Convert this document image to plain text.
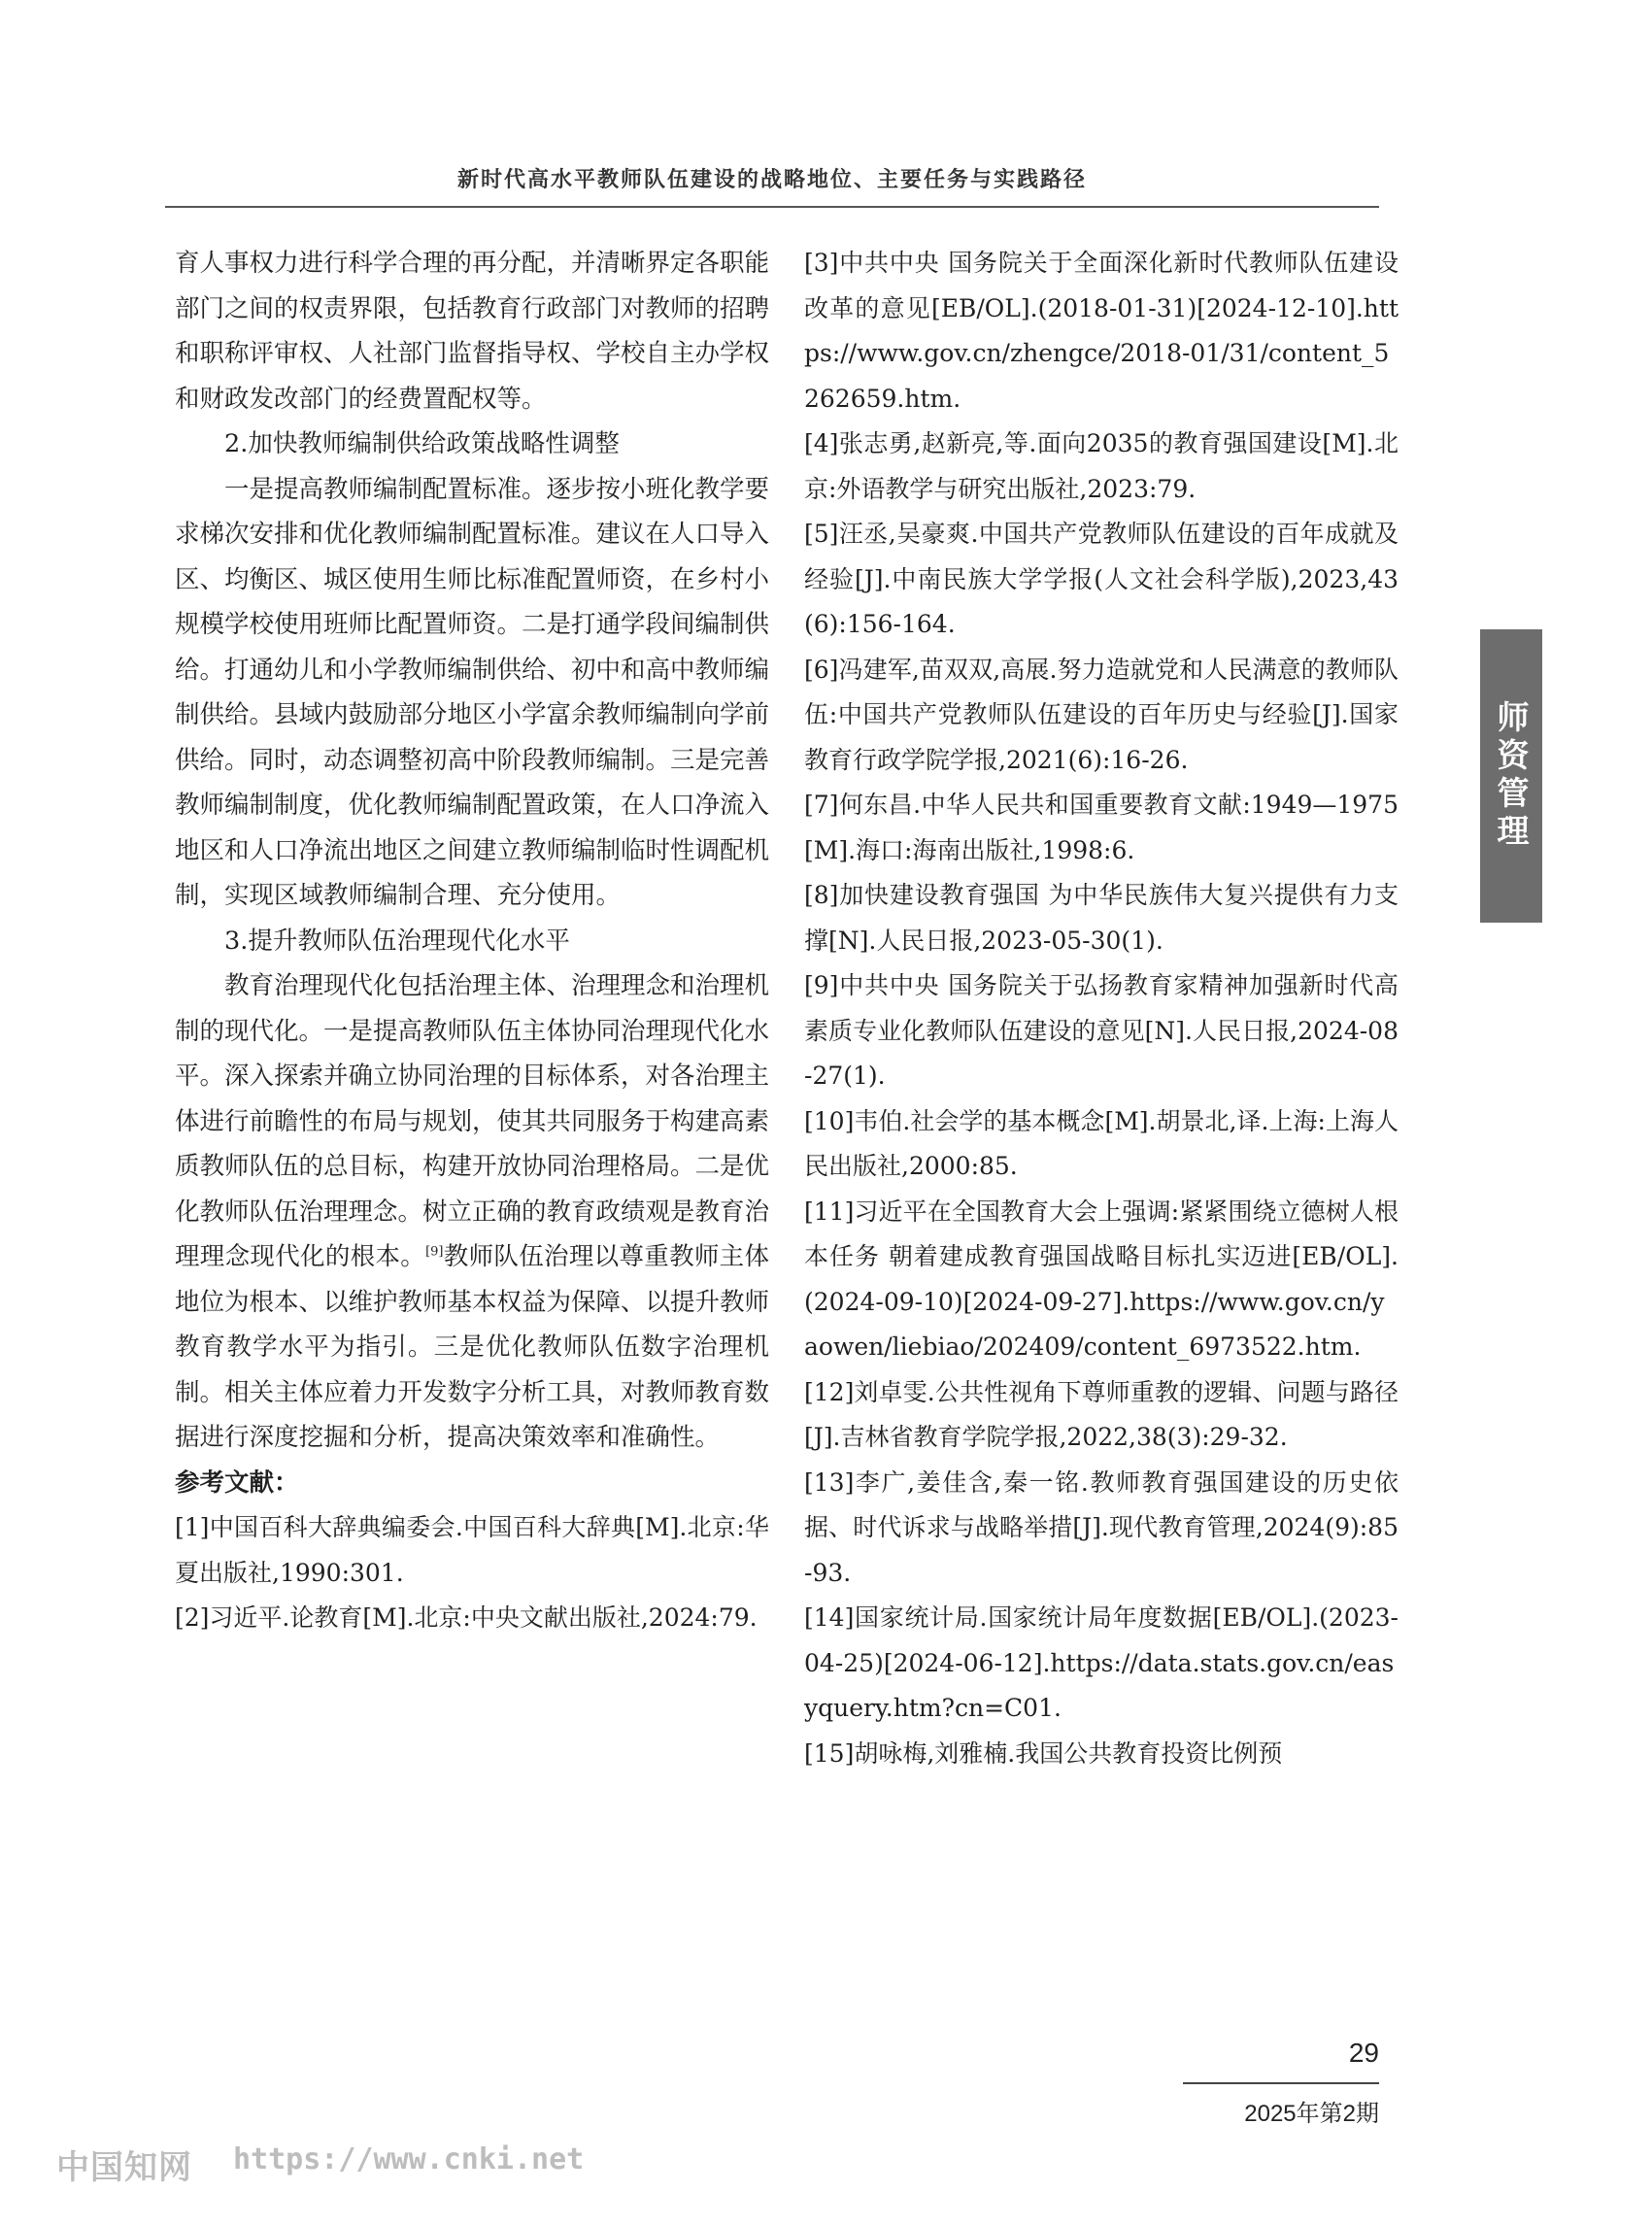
新时代高水平教师队伍建设的战略地位、主要任务与实践路径

育人事权力进行科学合理的再分配，并清晰界定各职能部门之间的权责界限，包括教育行政部门对教师的招聘和职称评审权、人社部门监督指导权、学校自主办学权和财政发改部门的经费置配权等。

2.加快教师编制供给政策战略性调整

一是提高教师编制配置标准。逐步按小班化教学要求梯次安排和优化教师编制配置标准。建议在人口导入区、均衡区、城区使用生师比标准配置师资，在乡村小规模学校使用班师比配置师资。二是打通学段间编制供给。打通幼儿和小学教师编制供给、初中和高中教师编制供给。县域内鼓励部分地区小学富余教师编制向学前供给。同时，动态调整初高中阶段教师编制。三是完善教师编制制度，优化教师编制配置政策，在人口净流入地区和人口净流出地区之间建立教师编制临时性调配机制，实现区域教师编制合理、充分使用。

3.提升教师队伍治理现代化水平

教育治理现代化包括治理主体、治理理念和治理机制的现代化。一是提高教师队伍主体协同治理现代化水平。深入探索并确立协同治理的目标体系，对各治理主体进行前瞻性的布局与规划，使其共同服务于构建高素质教师队伍的总目标，构建开放协同治理格局。二是优化教师队伍治理理念。树立正确的教育政绩观是教育治理理念现代化的根本。[9]教师队伍治理以尊重教师主体地位为根本、以维护教师基本权益为保障、以提升教师教育教学水平为指引。三是优化教师队伍数字治理机制。相关主体应着力开发数字分析工具，对教师教育数据进行深度挖掘和分析，提高决策效率和准确性。

参考文献：

[1]中国百科大辞典编委会.中国百科大辞典[M].北京:华夏出版社,1990:301.

[2]习近平.论教育[M].北京:中央文献出版社,2024:79.

[3]中共中央 国务院关于全面深化新时代教师队伍建设改革的意见[EB/OL].(2018-01-31)[2024-12-10].https://www.gov.cn/zhengce/2018-01/31/content_5262659.htm.

[4]张志勇,赵新亮,等.面向2035的教育强国建设[M].北京:外语教学与研究出版社,2023:79.

[5]汪丞,吴豪爽.中国共产党教师队伍建设的百年成就及经验[J].中南民族大学学报(人文社会科学版),2023,43(6):156-164.

[6]冯建军,苗双双,高展.努力造就党和人民满意的教师队伍:中国共产党教师队伍建设的百年历史与经验[J].国家教育行政学院学报,2021(6):16-26.

[7]何东昌.中华人民共和国重要教育文献:1949—1975[M].海口:海南出版社,1998:6.

[8]加快建设教育强国 为中华民族伟大复兴提供有力支撑[N].人民日报,2023-05-30(1).

[9]中共中央 国务院关于弘扬教育家精神加强新时代高素质专业化教师队伍建设的意见[N].人民日报,2024-08-27(1).

[10]韦伯.社会学的基本概念[M].胡景北,译.上海:上海人民出版社,2000:85.

[11]习近平在全国教育大会上强调:紧紧围绕立德树人根本任务 朝着建成教育强国战略目标扎实迈进[EB/OL].(2024-09-10)[2024-09-27].https://www.gov.cn/yaowen/liebiao/202409/content_6973522.htm.

[12]刘卓雯.公共性视角下尊师重教的逻辑、问题与路径[J].吉林省教育学院学报,2022,38(3):29-32.

[13]李广,姜佳含,秦一铭.教师教育强国建设的历史依据、时代诉求与战略举措[J].现代教育管理,2024(9):85-93.

[14]国家统计局.国家统计局年度数据[EB/OL].(2023-04-25)[2024-06-12].https://data.stats.gov.cn/easyquery.htm?cn=C01.

[15]胡咏梅,刘雅楠.我国公共教育投资比例预

师资管理
29
2025年第2期
中国知网 https://www.cnki.net
